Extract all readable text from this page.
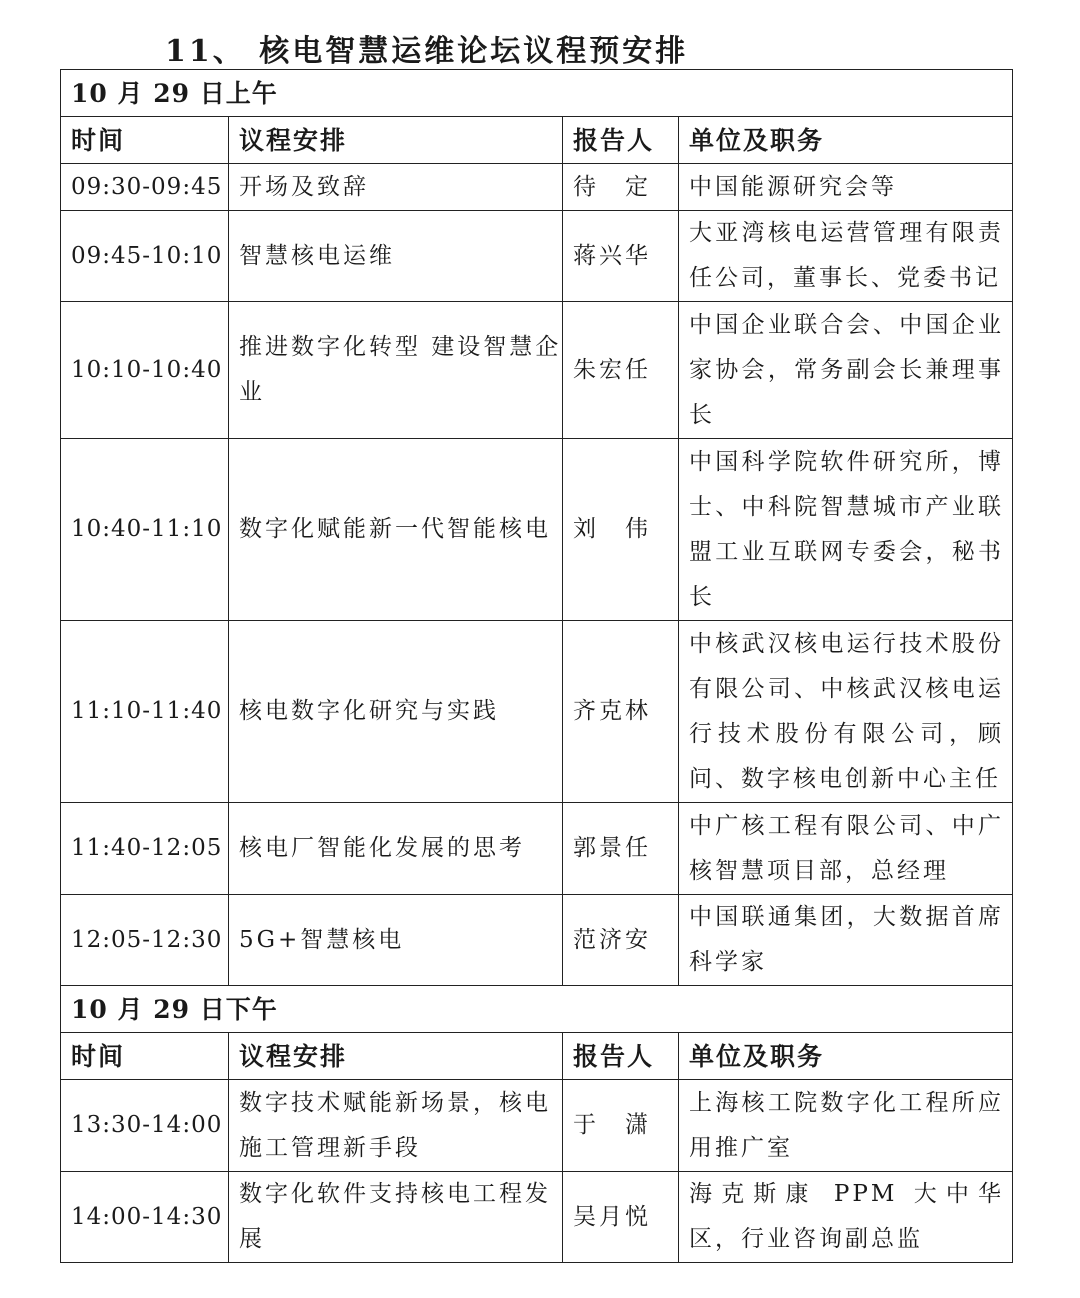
11、 核电智慧运维论坛议程预安排
10 月 29 日上午			
时间	议程安排	报告人	单位及职务
09:30-09:45	开场及致辞	待　定	中国能源研究会等
09:45-10:10	智慧核电运维	蒋兴华	大亚湾核电运营管理有限责任公司，董事长、党委书记
10:10-10:40	推进数字化转型 建设智慧企业	朱宏任	中国企业联合会、中国企业家协会，常务副会长兼理事长
10:40-11:10	数字化赋能新一代智能核电	刘　伟	中国科学院软件研究所，博士、中科院智慧城市产业联盟工业互联网专委会，秘书长
11:10-11:40	核电数字化研究与实践	齐克林	中核武汉核电运行技术股份有限公司、中核武汉核电运行技术股份有限公司，顾问、数字核电创新中心主任
11:40-12:05	核电厂智能化发展的思考	郭景任	中广核工程有限公司、中广核智慧项目部，总经理
12:05-12:30	5G+智慧核电	范济安	中国联通集团，大数据首席科学家
10 月 29 日下午			
时间	议程安排	报告人	单位及职务
13:30-14:00	数字技术赋能新场景，核电施工管理新手段	于　潇	上海核工院数字化工程所应用推广室
14:00-14:30	数字化软件支持核电工程发展	吴月悦	海克斯康 PPM 大中华区，行业咨询副总监
